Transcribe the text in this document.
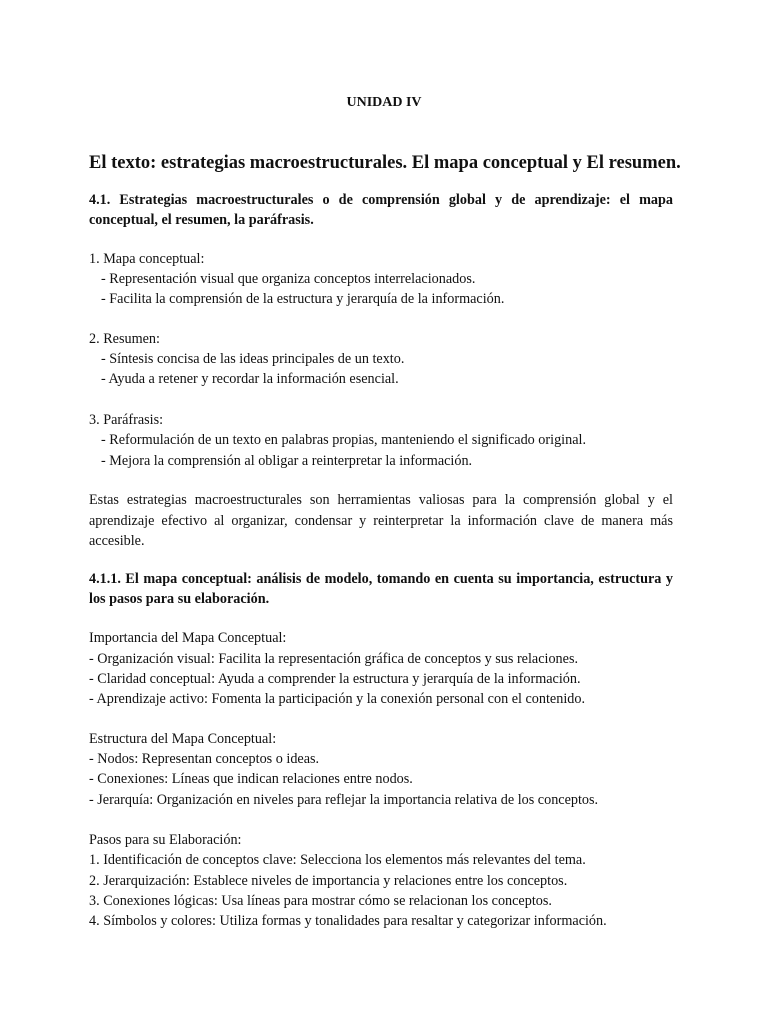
UNIDAD IV
El texto: estrategias macroestructurales. El mapa conceptual y El resumen.
4.1. Estrategias macroestructurales o de comprensión global y de aprendizaje: el mapa conceptual, el resumen, la paráfrasis.
1. Mapa conceptual:
- Representación visual que organiza conceptos interrelacionados.
- Facilita la comprensión de la estructura y jerarquía de la información.
2. Resumen:
- Síntesis concisa de las ideas principales de un texto.
- Ayuda a retener y recordar la información esencial.
3. Paráfrasis:
- Reformulación de un texto en palabras propias, manteniendo el significado original.
- Mejora la comprensión al obligar a reinterpretar la información.
Estas estrategias macroestructurales son herramientas valiosas para la comprensión global y el aprendizaje efectivo al organizar, condensar y reinterpretar la información clave de manera más accesible.
4.1.1. El mapa conceptual: análisis de modelo, tomando en cuenta su importancia, estructura y los pasos para su elaboración.
Importancia del Mapa Conceptual:
- Organización visual: Facilita la representación gráfica de conceptos y sus relaciones.
- Claridad conceptual: Ayuda a comprender la estructura y jerarquía de la información.
- Aprendizaje activo: Fomenta la participación y la conexión personal con el contenido.
Estructura del Mapa Conceptual:
- Nodos: Representan conceptos o ideas.
- Conexiones: Líneas que indican relaciones entre nodos.
- Jerarquía: Organización en niveles para reflejar la importancia relativa de los conceptos.
Pasos para su Elaboración:
1. Identificación de conceptos clave: Selecciona los elementos más relevantes del tema.
2. Jerarquización: Establece niveles de importancia y relaciones entre los conceptos.
3. Conexiones lógicas: Usa líneas para mostrar cómo se relacionan los conceptos.
4. Símbolos y colores: Utiliza formas y tonalidades para resaltar y categorizar información.
